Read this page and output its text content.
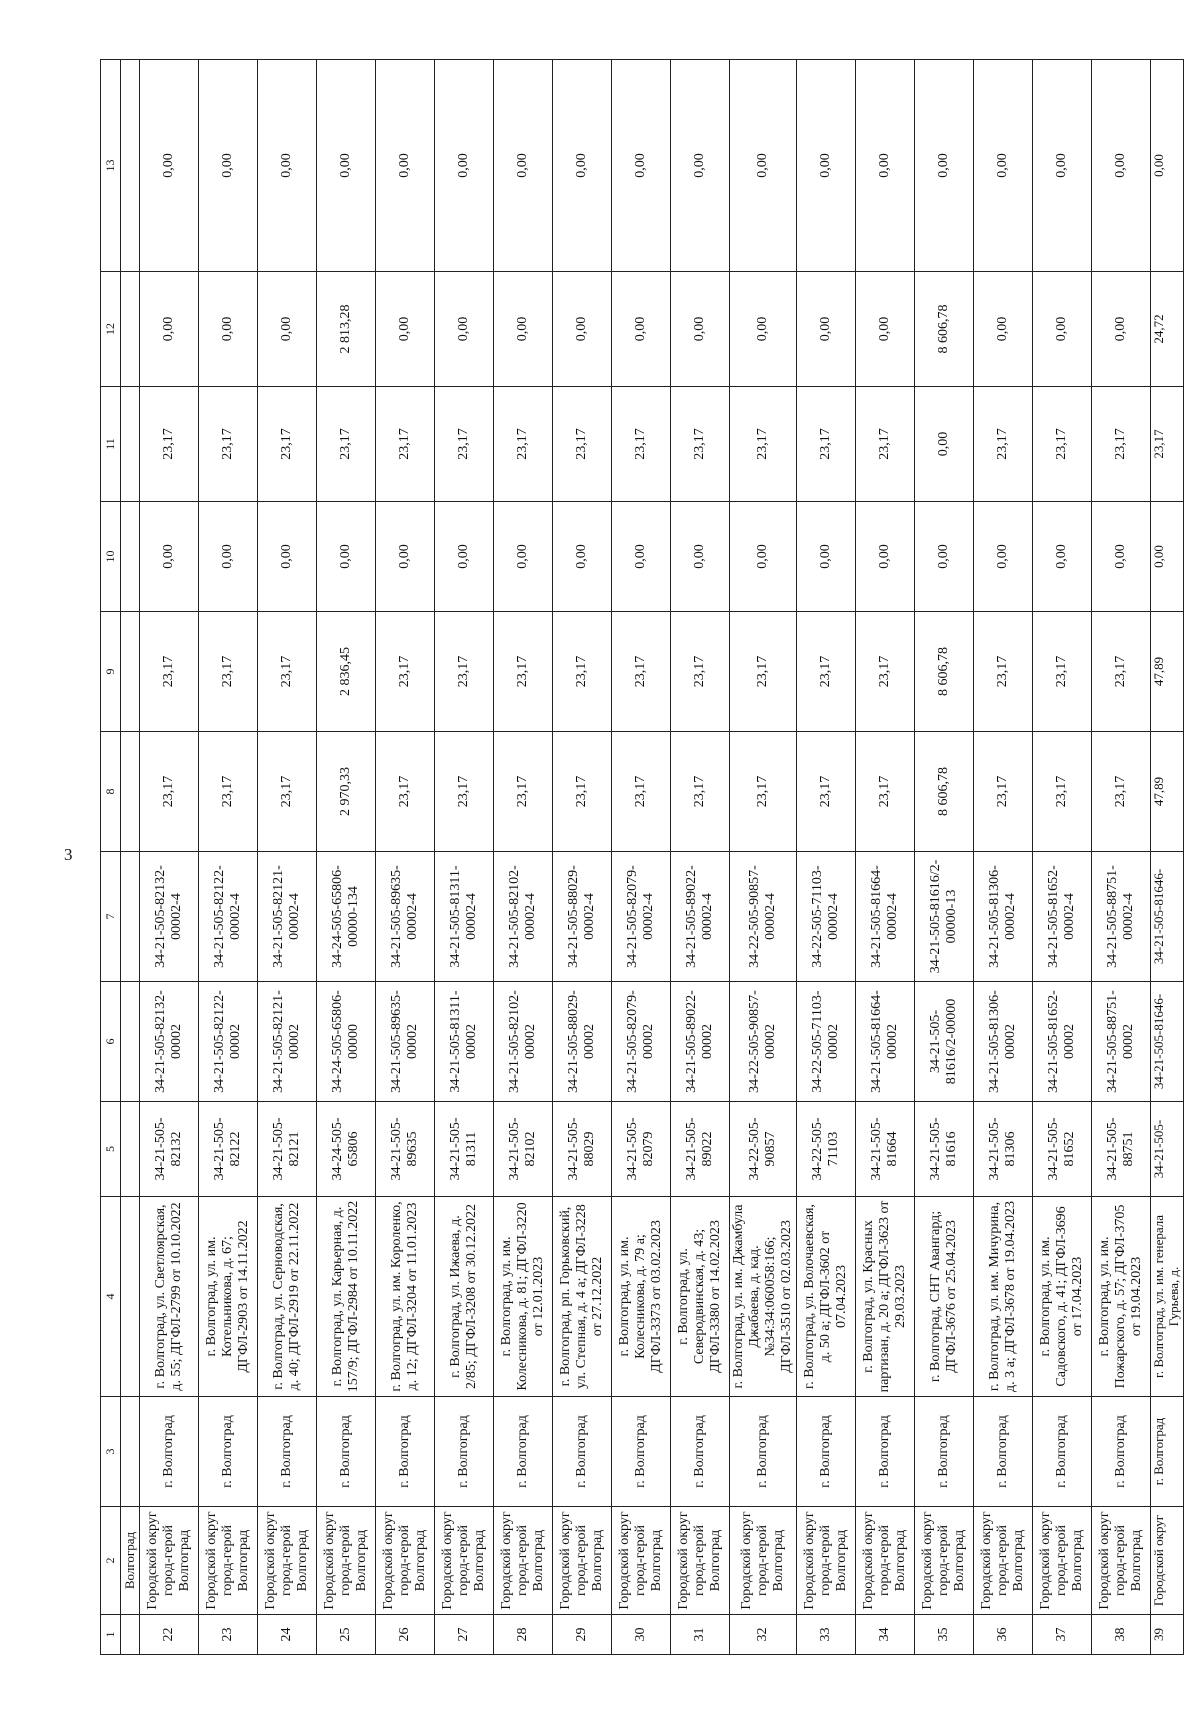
3
1	2	3	4	5	6	7	8	9	10	11	12	13
	Волгоград											
22	Городской округ город-герой Волгоград	г. Волгоград	г. Волгоград, ул. Светлоярская, д. 55; ДГФЛ-2799 от 10.10.2022	34-21-505-82132	34-21-505-82132-00002	34-21-505-82132-00002-4	23,17	23,17	0,00	23,17	0,00	0,00
23	Городской округ город-герой Волгоград	г. Волгоград	г. Волгоград, ул. им. Котельникова, д. 67; ДГФЛ-2903 от 14.11.2022	34-21-505-82122	34-21-505-82122-00002	34-21-505-82122-00002-4	23,17	23,17	0,00	23,17	0,00	0,00
24	Городской округ город-герой Волгоград	г. Волгоград	г. Волгоград, ул. Серноводская, д. 40; ДГФЛ-2919 от 22.11.2022	34-21-505-82121	34-21-505-82121-00002	34-21-505-82121-00002-4	23,17	23,17	0,00	23,17	0,00	0,00
25	Городской округ город-герой Волгоград	г. Волгоград	г. Волгоград, ул. Карьерная, д. 157/9; ДГФЛ-2984 от 10.11.2022	34-24-505-65806	34-24-505-65806-00000	34-24-505-65806-00000-134	2 970,33	2 836,45	0,00	23,17	2 813,28	0,00
26	Городской округ город-герой Волгоград	г. Волгоград	г. Волгоград, ул. им. Короленко, д. 12; ДГФЛ-3204 от 11.01.2023	34-21-505-89635	34-21-505-89635-00002	34-21-505-89635-00002-4	23,17	23,17	0,00	23,17	0,00	0,00
27	Городской округ город-герой Волгоград	г. Волгоград	г. Волгоград, ул. Ижаева, д. 2/85; ДГФЛ-3208 от 30.12.2022	34-21-505-81311	34-21-505-81311-00002	34-21-505-81311-00002-4	23,17	23,17	0,00	23,17	0,00	0,00
28	Городской округ город-герой Волгоград	г. Волгоград	г. Волгоград, ул. им. Колесникова, д. 81; ДГФЛ-3220 от 12.01.2023	34-21-505-82102	34-21-505-82102-00002	34-21-505-82102-00002-4	23,17	23,17	0,00	23,17	0,00	0,00
29	Городской округ город-герой Волгоград	г. Волгоград	г. Волгоград, рп. Горьковский, ул. Степная, д. 4 а; ДГФЛ-3228 от 27.12.2022	34-21-505-88029	34-21-505-88029-00002	34-21-505-88029-00002-4	23,17	23,17	0,00	23,17	0,00	0,00
30	Городской округ город-герой Волгоград	г. Волгоград	г. Волгоград, ул. им. Колесникова, д. 79 а; ДГФЛ-3373 от 03.02.2023	34-21-505-82079	34-21-505-82079-00002	34-21-505-82079-00002-4	23,17	23,17	0,00	23,17	0,00	0,00
31	Городской округ город-герой Волгоград	г. Волгоград	г. Волгоград, ул. Северодвинская, д. 43; ДГФЛ-3380 от 14.02.2023	34-21-505-89022	34-21-505-89022-00002	34-21-505-89022-00002-4	23,17	23,17	0,00	23,17	0,00	0,00
32	Городской округ город-герой Волгоград	г. Волгоград	г. Волгоград, ул. им. Джамбула Джабаева, д. кад. №34:34:060058:166; ДГФЛ-3510 от 02.03.2023	34-22-505-90857	34-22-505-90857-00002	34-22-505-90857-00002-4	23,17	23,17	0,00	23,17	0,00	0,00
33	Городской округ город-герой Волгоград	г. Волгоград	г. Волгоград, ул. Волочаевская, д. 50 а; ДГФЛ-3602 от 07.04.2023	34-22-505-71103	34-22-505-71103-00002	34-22-505-71103-00002-4	23,17	23,17	0,00	23,17	0,00	0,00
34	Городской округ город-герой Волгоград	г. Волгоград	г. Волгоград, ул. Красных партизан, д. 20 а; ДГФЛ-3623 от 29.03.2023	34-21-505-81664	34-21-505-81664-00002	34-21-505-81664-00002-4	23,17	23,17	0,00	23,17	0,00	0,00
35	Городской округ город-герой Волгоград	г. Волгоград	г. Волгоград, СНТ Авангард; ДГФЛ-3676 от 25.04.2023	34-21-505-81616	34-21-505-81616/2-00000	34-21-505-81616/2-00000-13	8 606,78	8 606,78	0,00	0,00	8 606,78	0,00
36	Городской округ город-герой Волгоград	г. Волгоград	г. Волгоград, ул. им. Мичурина, д. 3 а; ДГФЛ-3678 от 19.04.2023	34-21-505-81306	34-21-505-81306-00002	34-21-505-81306-00002-4	23,17	23,17	0,00	23,17	0,00	0,00
37	Городской округ город-герой Волгоград	г. Волгоград	г. Волгоград, ул. им. Садовского, д. 41; ДГФЛ-3696 от 17.04.2023	34-21-505-81652	34-21-505-81652-00002	34-21-505-81652-00002-4	23,17	23,17	0,00	23,17	0,00	0,00
38	Городской округ город-герой Волгоград	г. Волгоград	г. Волгоград, ул. им. Пожарского, д. 57; ДГФЛ-3705 от 19.04.2023	34-21-505-88751	34-21-505-88751-00002	34-21-505-88751-00002-4	23,17	23,17	0,00	23,17	0,00	0,00
39	Городской округ	г. Волгоград	г. Волгоград, ул. им. генерала Гурьева, д.	34-21-505-	34-21-505-81646-	34-21-505-81646-	47,89	47,89	0,00	23,17	24,72	0,00
